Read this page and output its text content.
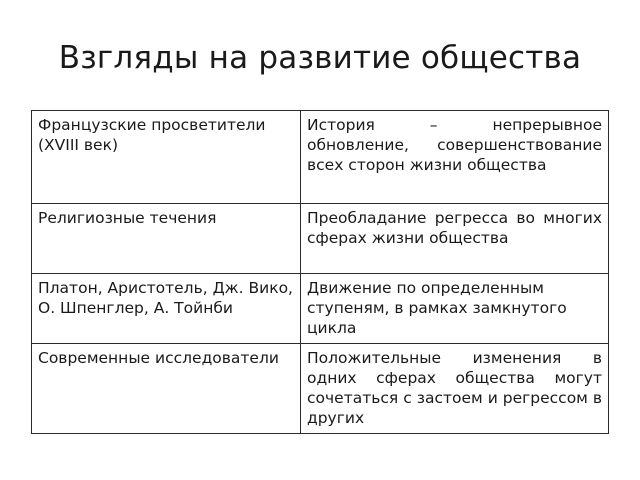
Взгляды на развитие общества
Французские просветители (XVIII век)	История – непрерывное обновление, совершенствование всех сторон жизни общества
Религиозные течения	Преобладание регресса во многих сферах жизни общества
Платон, Аристотель, Дж. Вико, О. Шпенглер, А. Тойнби	Движение по определенным ступеням, в рамках замкнутого цикла
Современные исследователи	Положительные изменения в одних сферах общества могут сочетаться с застоем и регрессом в других
